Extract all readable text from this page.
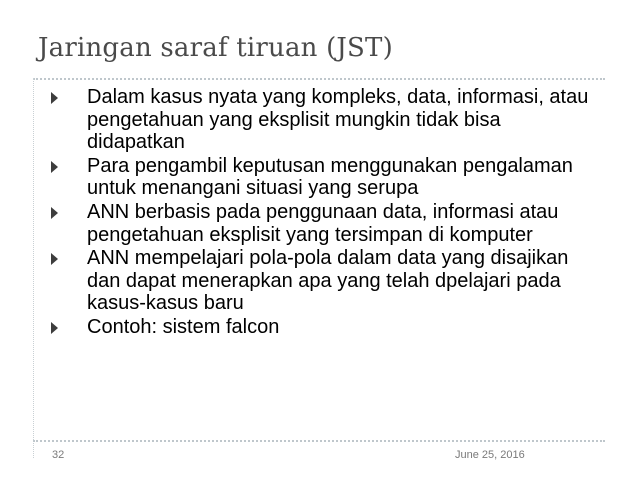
Jaringan saraf tiruan (JST)
Dalam kasus nyata yang kompleks, data, informasi, atau pengetahuan yang eksplisit mungkin tidak bisa didapatkan
Para pengambil keputusan menggunakan pengalaman untuk menangani situasi yang serupa
ANN berbasis pada penggunaan data, informasi atau pengetahuan eksplisit yang tersimpan di komputer
ANN mempelajari pola-pola dalam data yang disajikan dan dapat menerapkan apa yang telah dpelajari pada kasus-kasus baru
Contoh: sistem falcon
32	June 25, 2016
